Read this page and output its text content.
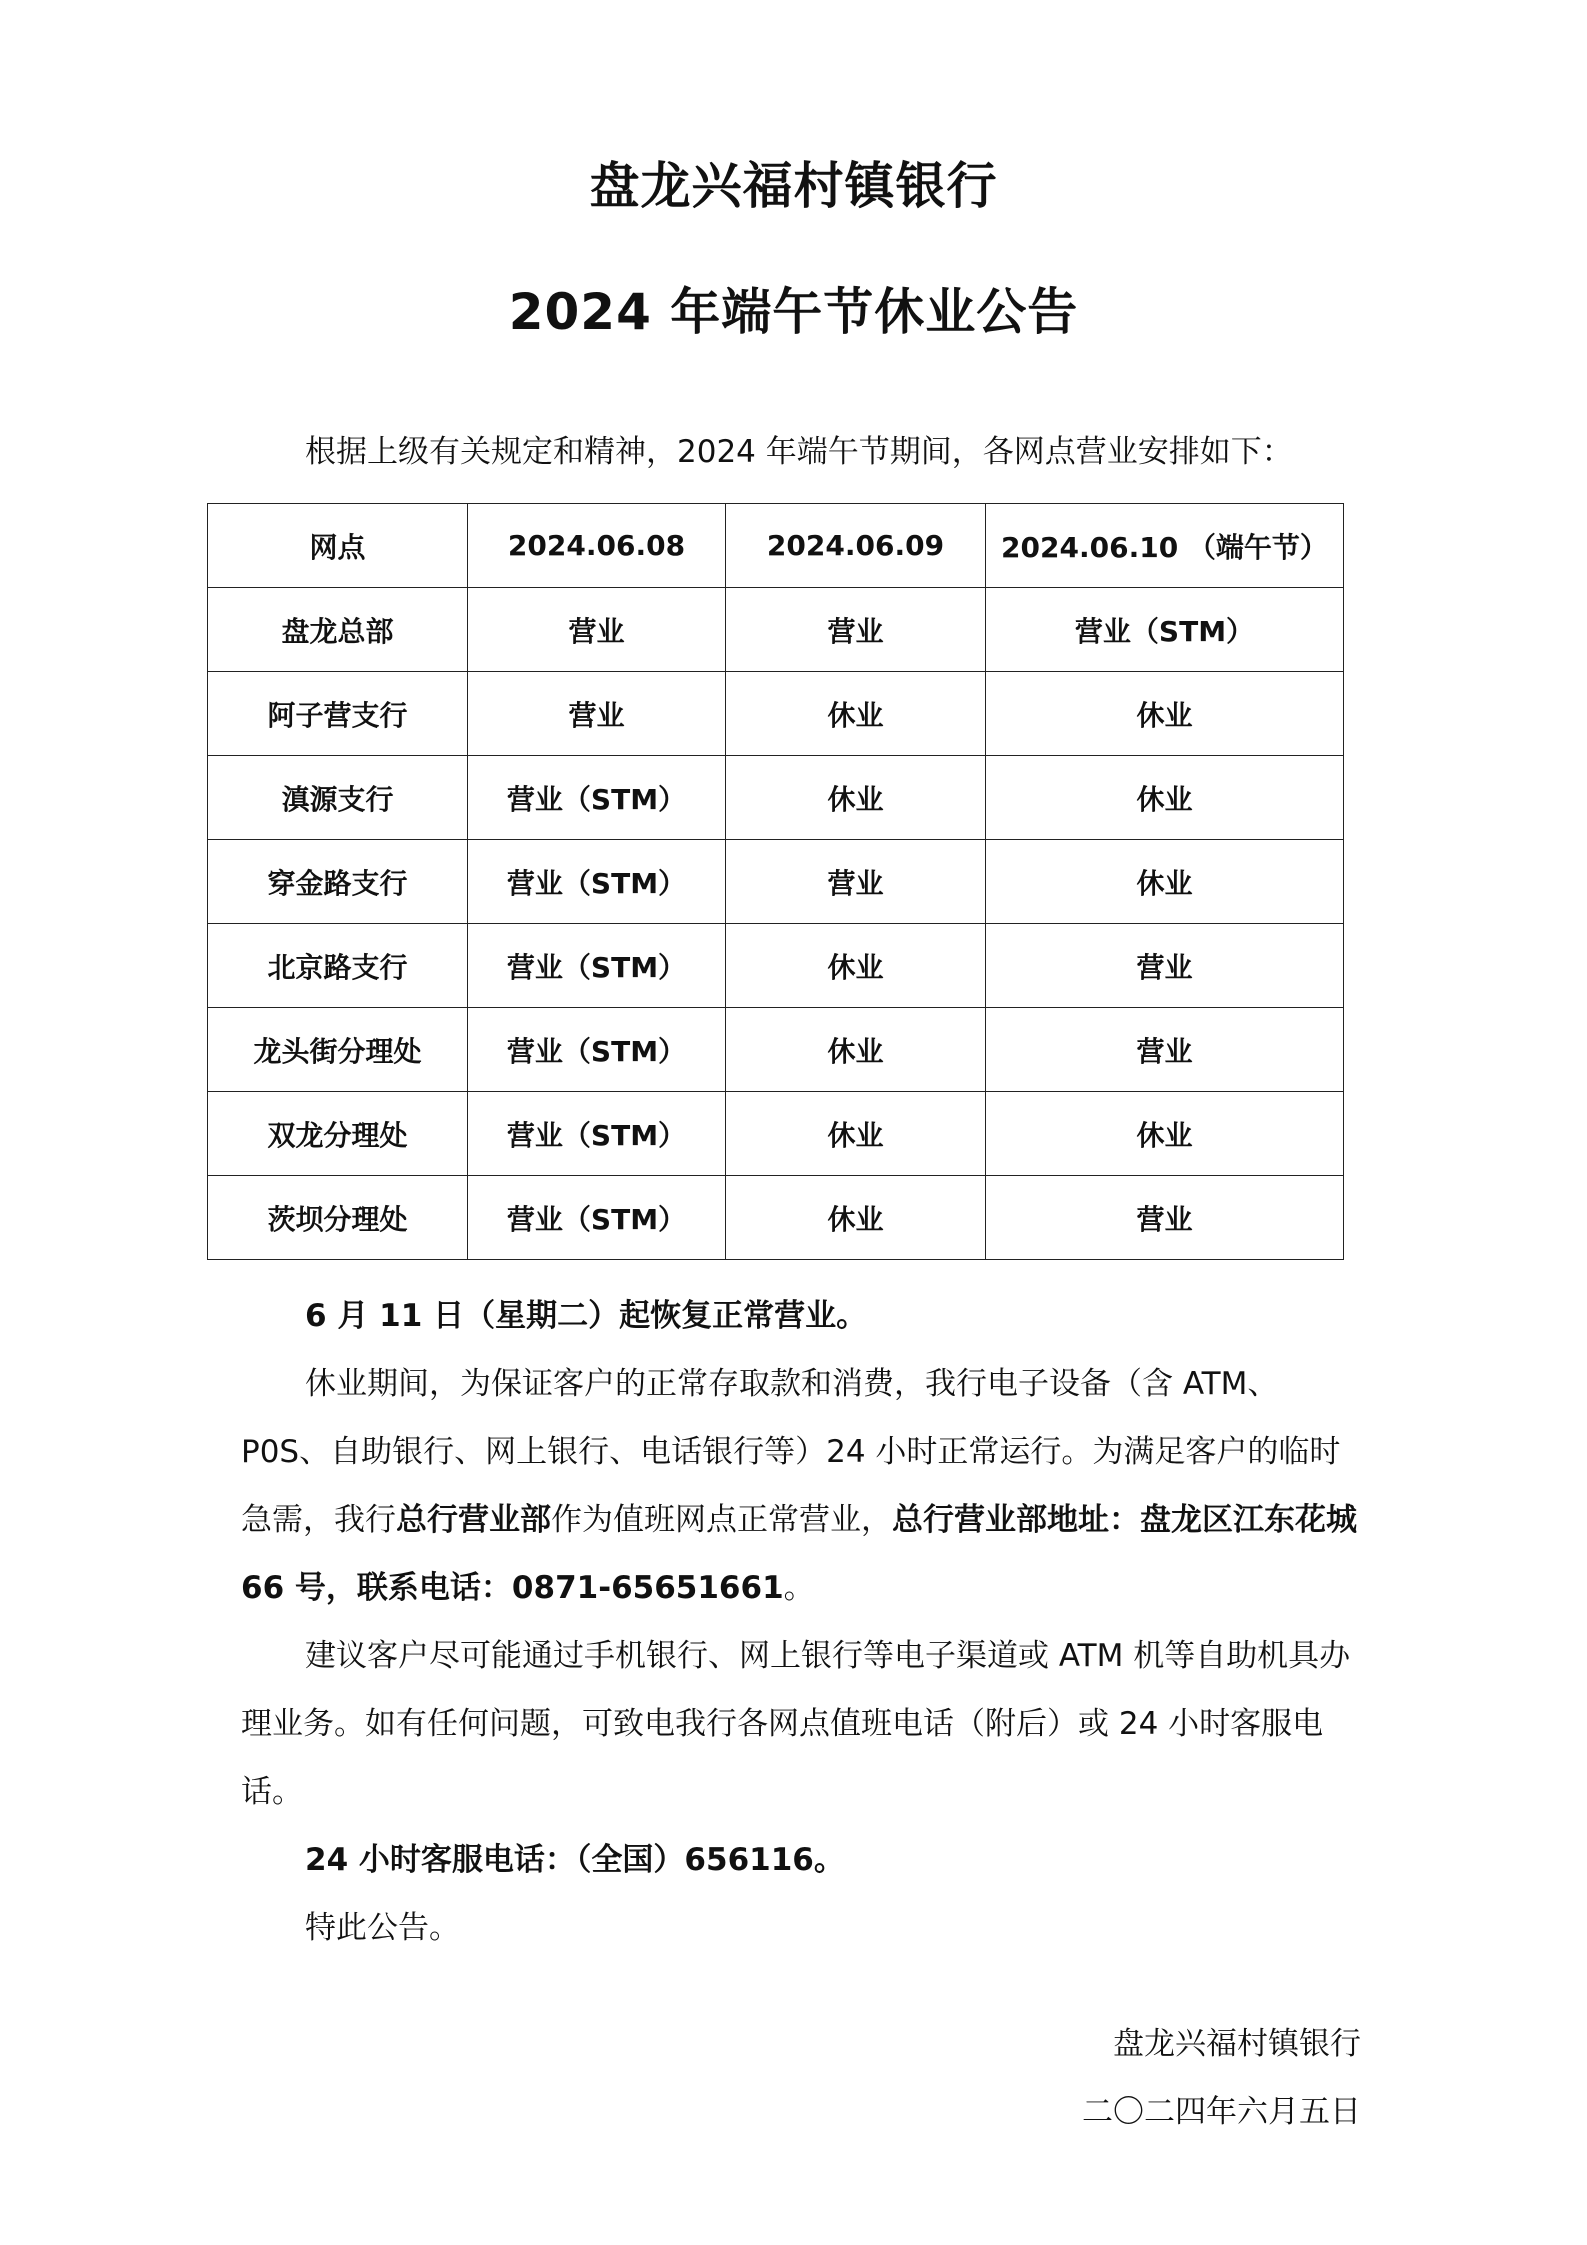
盘龙兴福村镇银行
2024 年端午节休业公告

根据上级有关规定和精神，2024 年端午节期间，各网点营业安排如下：

网点	2024.06.08	2024.06.09	2024.06.10 （端午节）
盘龙总部	营业	营业	营业（STM）
阿子营支行	营业	休业	休业
滇源支行	营业（STM）	休业	休业
穿金路支行	营业（STM）	营业	休业
北京路支行	营业（STM）	休业	营业
龙头街分理处	营业（STM）	休业	营业
双龙分理处	营业（STM）	休业	休业
茨坝分理处	营业（STM）	休业	营业

6 月 11 日（星期二）起恢复正常营业。

休业期间，为保证客户的正常存取款和消费，我行电子设备（含 ATM、P0S、自助银行、网上银行、电话银行等）24 小时正常运行。为满足客户的临时急需，我行总行营业部作为值班网点正常营业，总行营业部地址：盘龙区江东花城 66 号，联系电话：0871-65651661。

建议客户尽可能通过手机银行、网上银行等电子渠道或 ATM 机等自助机具办理业务。如有任何问题，可致电我行各网点值班电话（附后）或 24 小时客服电话。

24 小时客服电话：（全国）656116。

特此公告。

盘龙兴福村镇银行

二〇二四年六月五日
